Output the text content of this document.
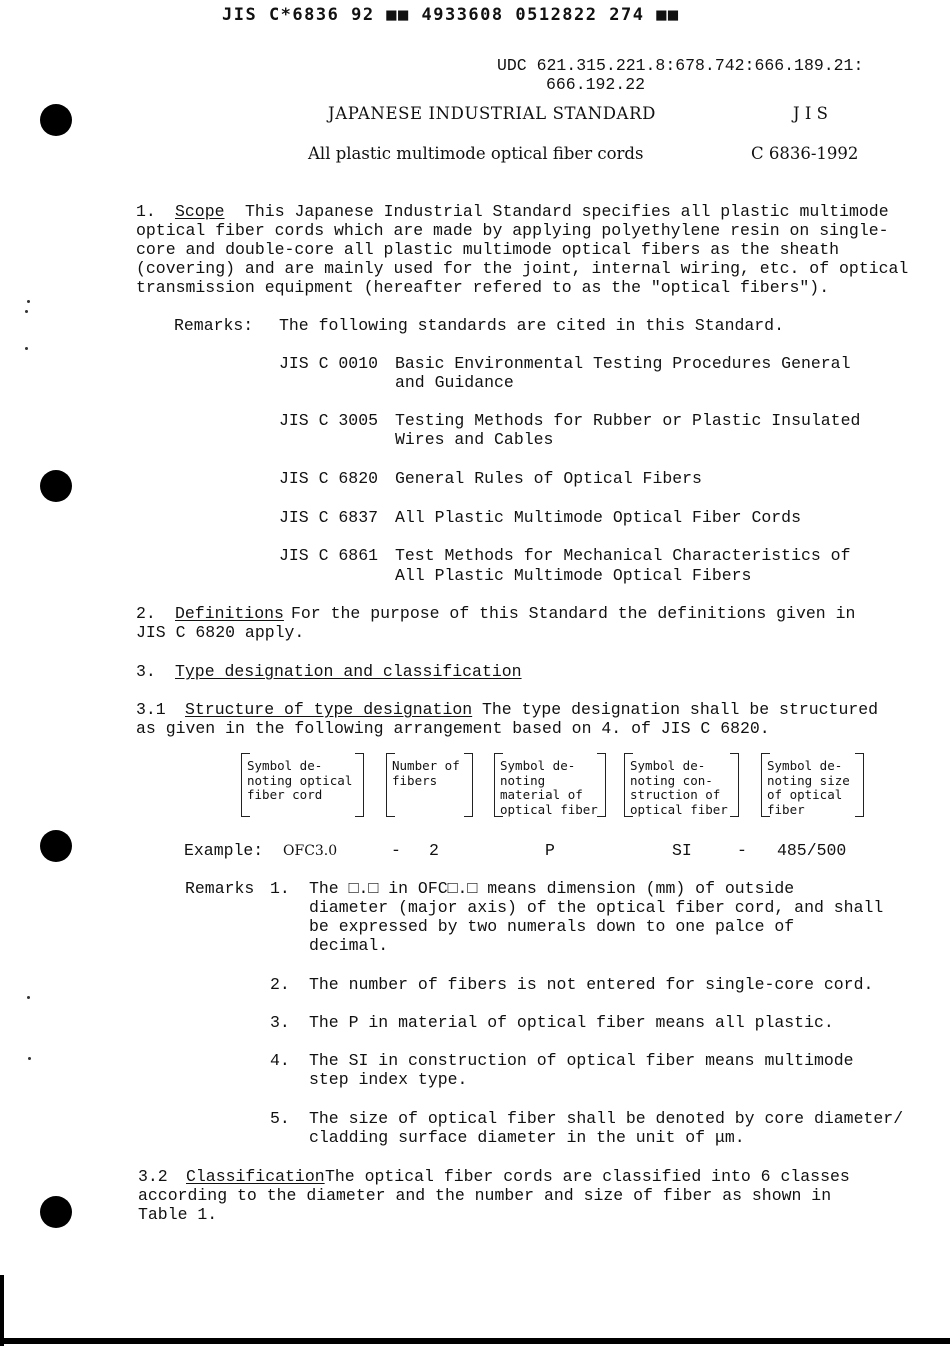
JIS C*6836 92 ■■ 4933608 0512822 274 ■■
UDC 621.315.221.8:678.742:666.189.21:
666.192.22
JAPANESE INDUSTRIAL STANDARD	J I S
All plastic multimode optical fiber cords	C 6836-1992
1. Scope This Japanese Industrial Standard specifies all plastic multimode
optical fiber cords which are made by applying polyethylene resin on single-
core and double-core all plastic multimode optical fibers as the sheath
(covering) and are mainly used for the joint, internal wiring, etc. of optical
transmission equipment (hereafter refered to as the "optical fibers").
Remarks: The following standards are cited in this Standard.
JIS C 0010 Basic Environmental Testing Procedures General
and Guidance
JIS C 3005 Testing Methods for Rubber or Plastic Insulated
Wires and Cables
JIS C 6820 General Rules of Optical Fibers
JIS C 6837 All Plastic Multimode Optical Fiber Cords
JIS C 6861 Test Methods for Mechanical Characteristics of
All Plastic Multimode Optical Fibers
2. Definitions For the purpose of this Standard the definitions given in
JIS C 6820 apply.
3. Type designation and classification
3.1 Structure of type designation The type designation shall be structured
as given in the following arrangement based on 4. of JIS C 6820.
Symbol de-
noting optical
fiber cord
Number of
fibers
Symbol de-
noting
material of
optical fiber
Symbol de-
noting con-
struction of
optical fiber
Symbol de-
noting size
of optical
fiber
Example: OFC3.0	- 2	P	SI	- 485/500
Remarks 1. The □.□ in OFC□.□ means dimension (mm) of outside
diameter (major axis) of the optical fiber cord, and shall
be expressed by two numerals down to one palce of
decimal.
2. The number of fibers is not entered for single-core cord.
3. The P in material of optical fiber means all plastic.
4. The SI in construction of optical fiber means multimode
step index type.
5. The size of optical fiber shall be denoted by core diameter/
cladding surface diameter in the unit of μm.
3.2 Classification The optical fiber cords are classified into 6 classes
according to the diameter and the number and size of fiber as shown in
Table 1.
